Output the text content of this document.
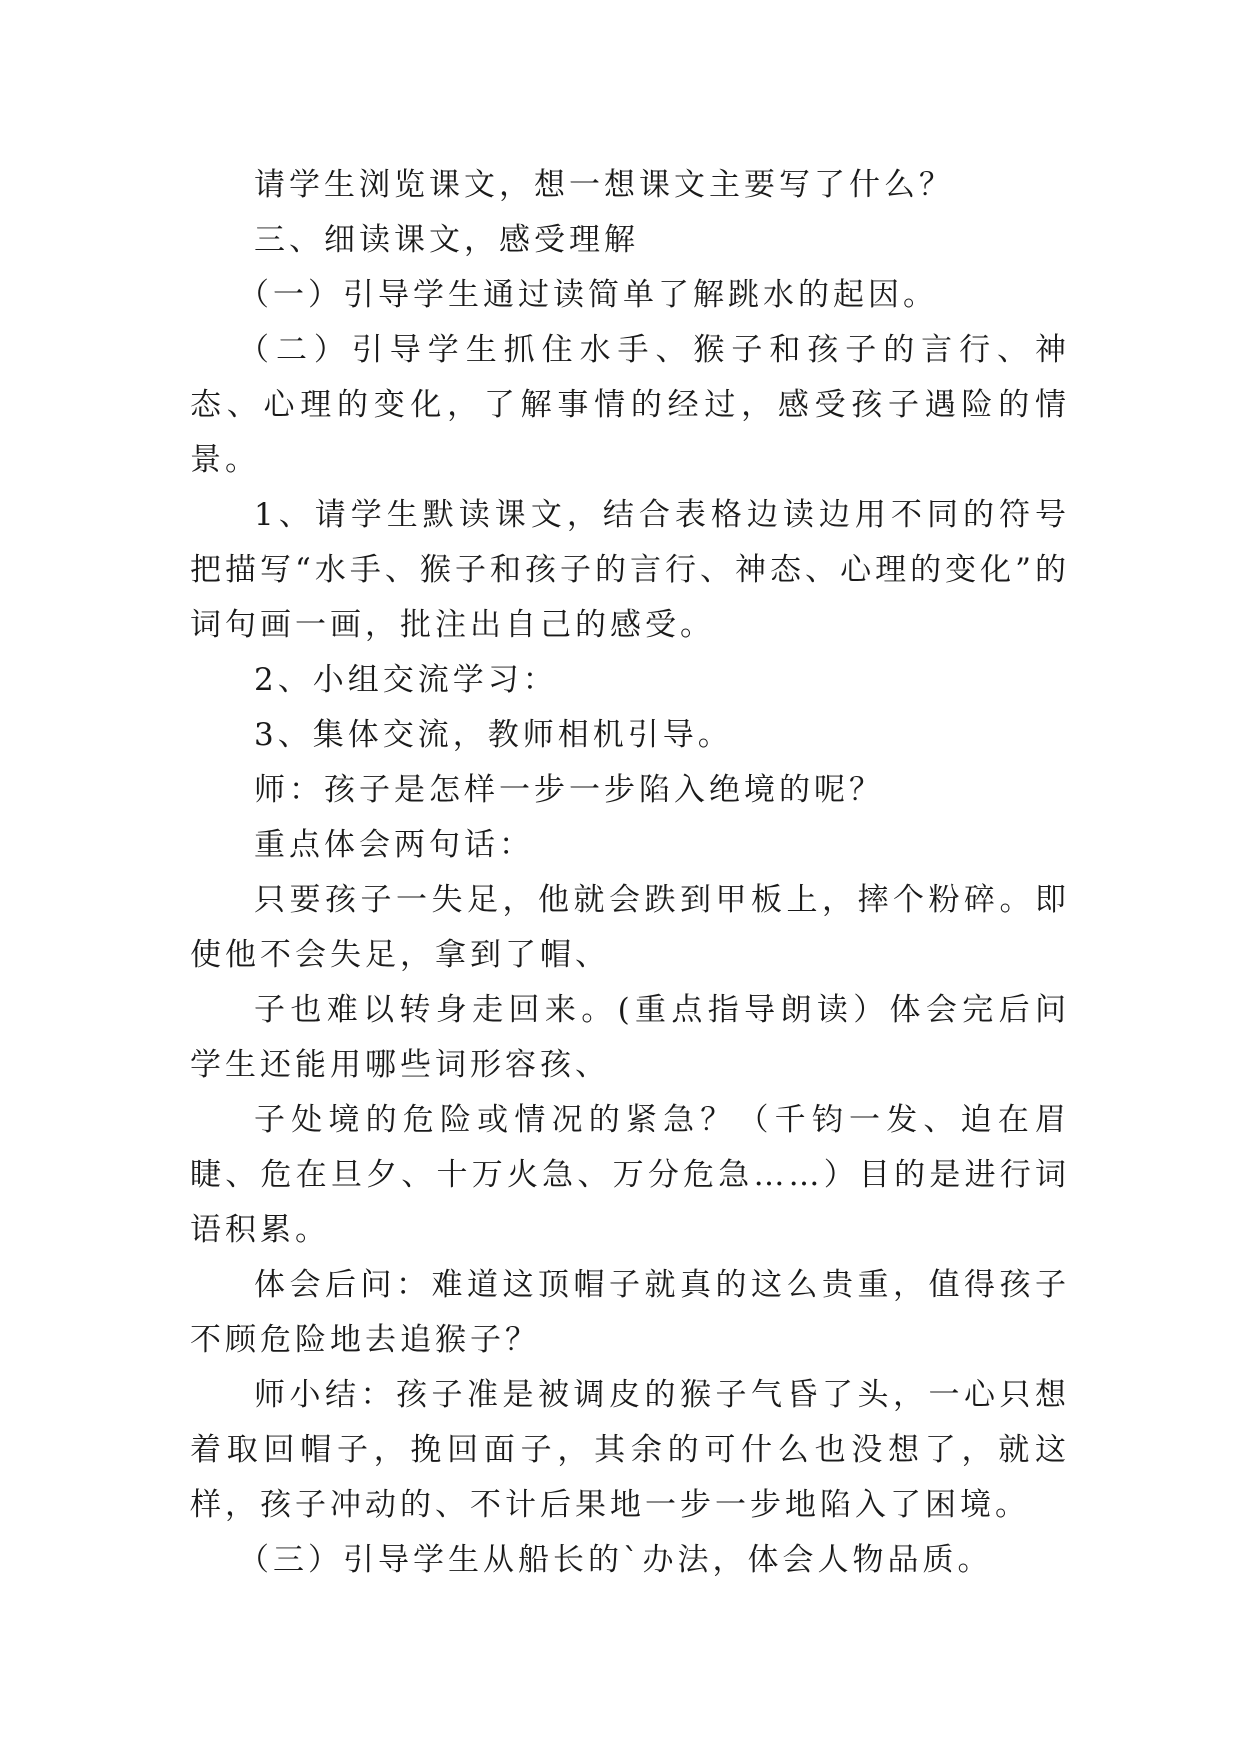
请学生浏览课文，想一想课文主要写了什么？

三、细读课文，感受理解

（一）引导学生通过读简单了解跳水的起因。

（二）引导学生抓住水手、猴子和孩子的言行、神态、心理的变化，了解事情的经过，感受孩子遇险的情景。

1、请学生默读课文，结合表格边读边用不同的符号把描写“水手、猴子和孩子的言行、神态、心理的变化”的词句画一画，批注出自己的感受。

2、小组交流学习：

3、集体交流，教师相机引导。

师：孩子是怎样一步一步陷入绝境的呢？

重点体会两句话：

只要孩子一失足，他就会跌到甲板上，摔个粉碎。即使他不会失足，拿到了帽、

子也难以转身走回来。(重点指导朗读）体会完后问学生还能用哪些词形容孩、

子处境的危险或情况的紧急？（千钧一发、迫在眉睫、危在旦夕、十万火急、万分危急……）目的是进行词语积累。

体会后问：难道这顶帽子就真的这么贵重，值得孩子不顾危险地去追猴子？

师小结：孩子准是被调皮的猴子气昏了头，一心只想着取回帽子，挽回面子，其余的可什么也没想了，就这样，孩子冲动的、不计后果地一步一步地陷入了困境。

（三）引导学生从船长的`办法，体会人物品质。
